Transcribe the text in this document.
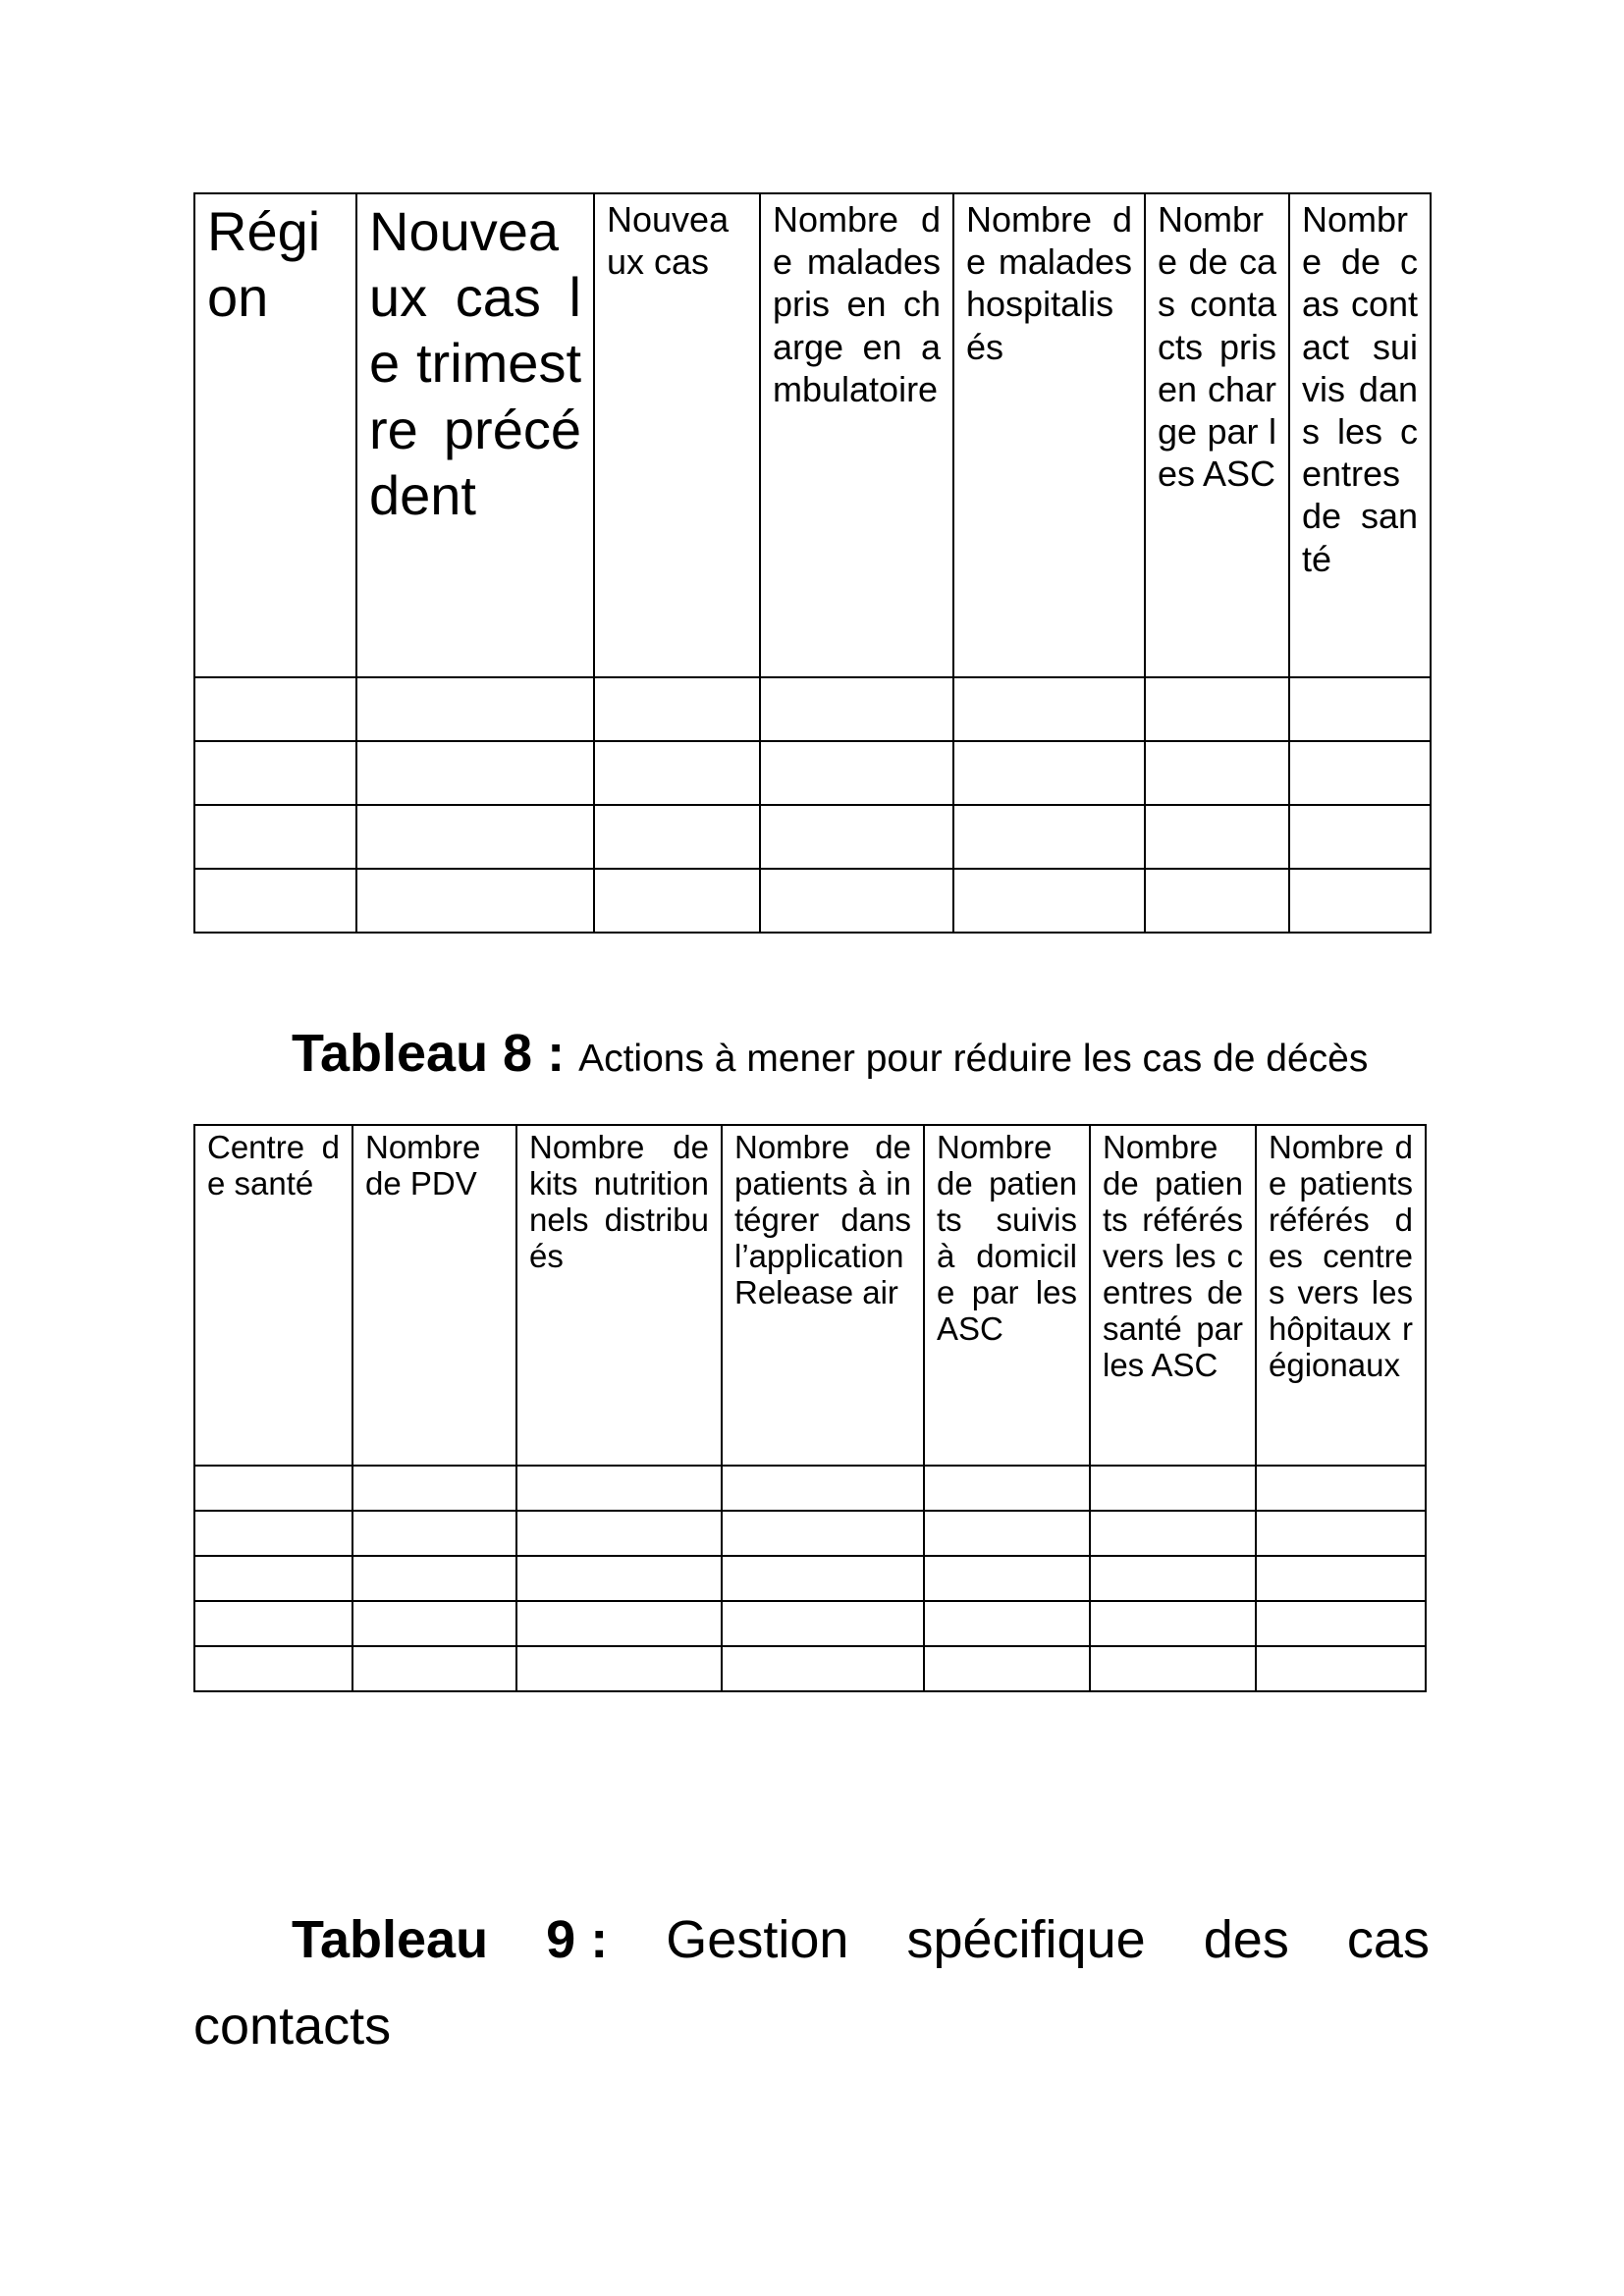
Région	Nouveaux cas le trimestre précédent	Nouveaux cas	Nombre de malades pris en charge en ambulatoire	Nombre de malades hospitalisés	Nombre de cas contacts pris en charge par les ASC	Nombre de cas contact suivis dans les centres de santé

Tableau 8 : Actions à mener pour réduire les cas de décès
Centre de santé	Nombre de PDV	Nombre de kits nutritionnels distribués	Nombre de patients à intégrer dans l’application Release air	Nombre de patients suivis à domicile par les ASC	Nombre de patients référés vers les centres de santé par les ASC	Nombre de patients référés des centres vers les hôpitaux régionaux

Tableau 9 : Gestion spécifique des cas
contacts
